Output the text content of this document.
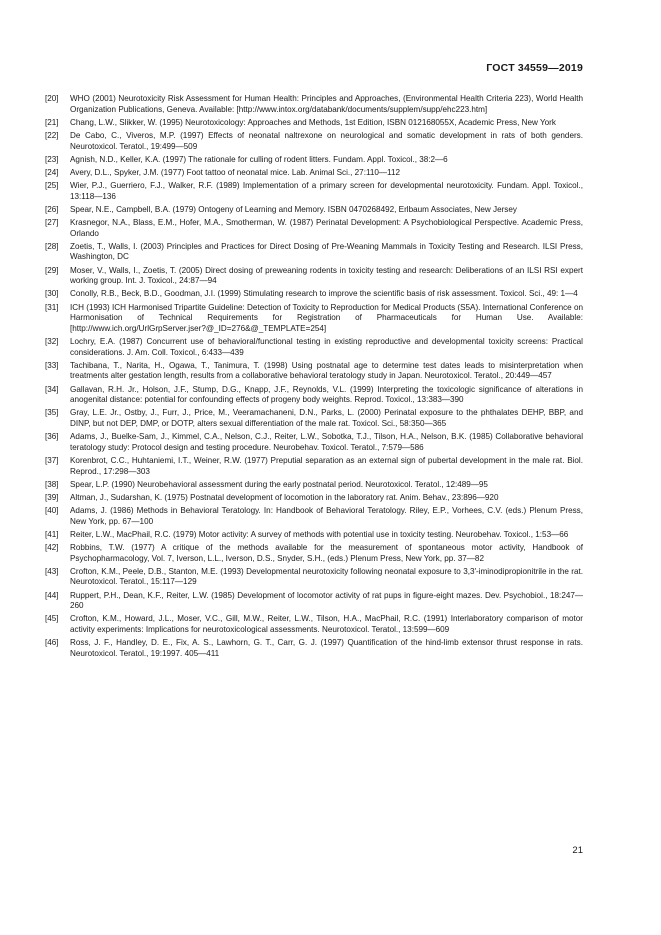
ГОСТ 34559—2019
[20]	WHO (2001) Neurotoxicity Risk Assessment for Human Health: Principles and Approaches, (Environmental Health Criteria 223), World Health Organization Publications, Geneva. Available: [http://www.intox.org/databank/documents/supplem/supp/ehc223.htm]
[21]	Chang, L.W., Slikker, W. (1995) Neurotoxicology: Approaches and Methods, 1st Edition, ISBN 012168055X, Academic Press, New York
[22]	De Cabo, C., Viveros, M.P. (1997) Effects of neonatal naltrexone on neurological and somatic development in rats of both genders. Neurotoxicol. Teratol., 19:499—509
[23]	Agnish, N.D., Keller, K.A. (1997) The rationale for culling of rodent litters. Fundam. Appl. Toxicol., 38:2—6
[24]	Avery, D.L., Spyker, J.M. (1977) Foot tattoo of neonatal mice. Lab. Animal Sci., 27:110—112
[25]	Wier, P.J., Guerriero, F.J., Walker, R.F. (1989) Implementation of a primary screen for developmental neurotoxicity. Fundam. Appl. Toxicol., 13:118—136
[26]	Spear, N.E., Campbell, B.A. (1979) Ontogeny of Learning and Memory. ISBN 0470268492, Erlbaum Associates, New Jersey
[27]	Krasnegor, N.A., Blass, E.M., Hofer, M.A., Smotherman, W. (1987) Perinatal Development: A Psychobiological Perspective. Academic Press, Orlando
[28]	Zoetis, T., Walls, I. (2003) Principles and Practices for Direct Dosing of Pre-Weaning Mammals in Toxicity Testing and Research. ILSI Press, Washington, DC
[29]	Moser, V., Walls, I., Zoetis, T. (2005) Direct dosing of preweaning rodents in toxicity testing and research: Deliberations of an ILSI RSI expert working group. Int. J. Toxicol., 24:87—94
[30]	Conolly, R.B., Beck, B.D., Goodman, J.I. (1999) Stimulating research to improve the scientific basis of risk assessment. Toxicol. Sci., 49: 1—4
[31]	ICH (1993) ICH Harmonised Tripartite Guideline: Detection of Toxicity to Reproduction for Medical Products (S5A). International Conference on Harmonisation of Technical Requirements for Registration of Pharmaceuticals for Human Use. Available: [http://www.ich.org/UrlGrpServer.jser?@_ID=276&@_TEMPLATE=254]
[32]	Lochry, E.A. (1987) Concurrent use of behavioral/functional testing in existing reproductive and developmental toxicity screens: Practical considerations. J. Am. Coll. Toxicol., 6:433—439
[33]	Tachibana, T., Narita, H., Ogawa, T., Tanimura, T. (1998) Using postnatal age to determine test dates leads to misinterpretation when treatments alter gestation length, results from a collaborative behavioral teratology study in Japan. Neurotoxicol. Teratol., 20:449—457
[34]	Gallavan, R.H. Jr., Holson, J.F., Stump, D.G., Knapp, J.F., Reynolds, V.L. (1999) Interpreting the toxicologic significance of alterations in anogenital distance: potential for confounding effects of progeny body weights. Reprod. Toxicol., 13:383—390
[35]	Gray, L.E. Jr., Ostby, J., Furr, J., Price, M., Veeramachaneni, D.N., Parks, L. (2000) Perinatal exposure to the phthalates DEHP, BBP, and DINP, but not DEP, DMP, or DOTP, alters sexual differentiation of the male rat. Toxicol. Sci., 58:350—365
[36]	Adams, J., Buelke-Sam, J., Kimmel, C.A., Nelson, C.J., Reiter, L.W., Sobotka, T.J., Tilson, H.A., Nelson, B.K. (1985) Collaborative behavioral teratology study: Protocol design and testing procedure. Neurobehav. Toxicol. Teratol., 7:579—586
[37]	Korenbrot, C.C., Huhtaniemi, I.T., Weiner, R.W. (1977) Preputial separation as an external sign of pubertal development in the male rat. Biol. Reprod., 17:298—303
[38]	Spear, L.P. (1990) Neurobehavioral assessment during the early postnatal period. Neurotoxicol. Teratol., 12:489—95
[39]	Altman, J., Sudarshan, K. (1975) Postnatal development of locomotion in the laboratory rat. Anim. Behav., 23:896—920
[40]	Adams, J. (1986) Methods in Behavioral Teratology. In: Handbook of Behavioral Teratology. Riley, E.P., Vorhees, C.V. (eds.) Plenum Press, New York, pp. 67—100
[41]	Reiter, L.W., MacPhail, R.C. (1979) Motor activity: A survey of methods with potential use in toxicity testing. Neurobehav. Toxicol., 1:53—66
[42]	Robbins, T.W. (1977) A critique of the methods available for the measurement of spontaneous motor activity, Handbook of Psychopharmacology, Vol. 7, Iverson, L.L., Iverson, D.S., Snyder, S.H., (eds.) Plenum Press, New York, pp. 37—82
[43]	Crofton, K.M., Peele, D.B., Stanton, M.E. (1993) Developmental neurotoxicity following neonatal exposure to 3,3′-iminodipropionitrile in the rat. Neurotoxicol. Teratol., 15:117—129
[44]	Ruppert, P.H., Dean, K.F., Reiter, L.W. (1985) Development of locomotor activity of rat pups in figure-eight mazes. Dev. Psychobiol., 18:247—260
[45]	Crofton, K.M., Howard, J.L., Moser, V.C., Gill, M.W., Reiter, L.W., Tilson, H.A., MacPhail, R.C. (1991) Interlaboratory comparison of motor activity experiments: Implications for neurotoxicological assessments. Neurotoxicol. Teratol., 13:599—609
[46]	Ross, J. F., Handley, D. E., Fix, A. S., Lawhorn, G. T., Carr, G. J. (1997) Quantification of the hind-limb extensor thrust response in rats. Neurotoxicol. Teratol., 19:1997. 405—411
21
